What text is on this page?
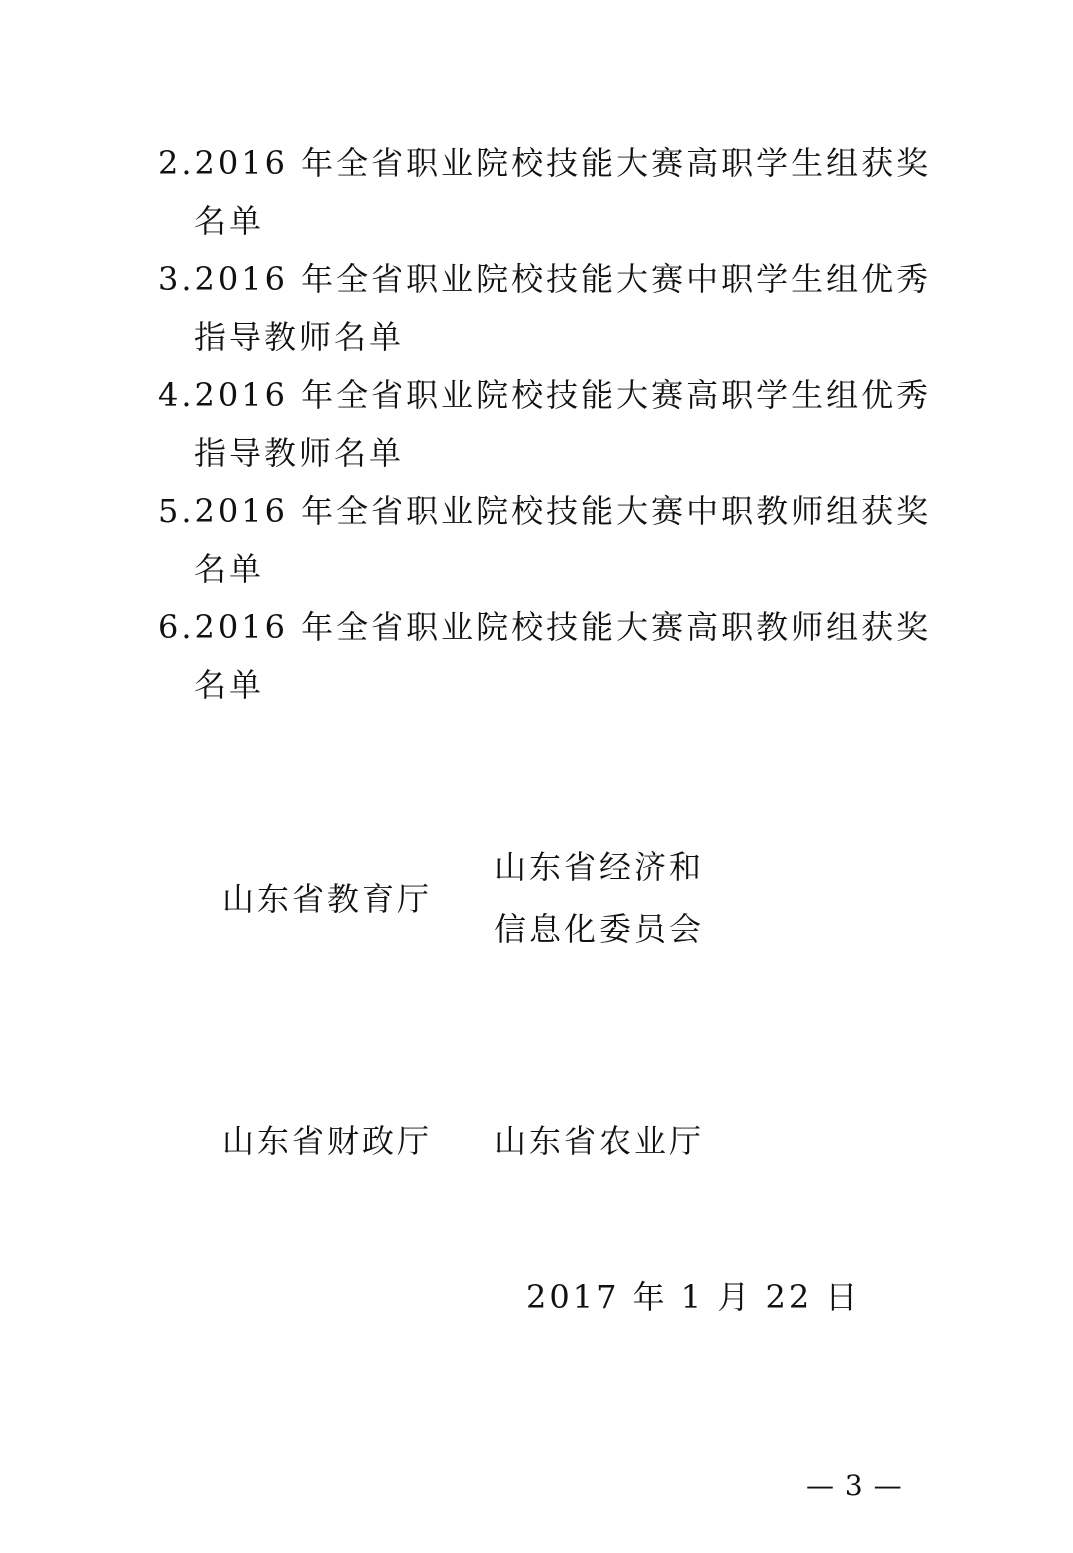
2.2016 年全省职业院校技能大赛高职学生组获奖
名单
3.2016 年全省职业院校技能大赛中职学生组优秀
指导教师名单
4.2016 年全省职业院校技能大赛高职学生组优秀
指导教师名单
5.2016 年全省职业院校技能大赛中职教师组获奖
名单
6.2016 年全省职业院校技能大赛高职教师组获奖
名单
山东省教育厅
山东省经济和
信息化委员会
山东省财政厅 山东省农业厅
2017 年 1 月 22 日
— 3 —
